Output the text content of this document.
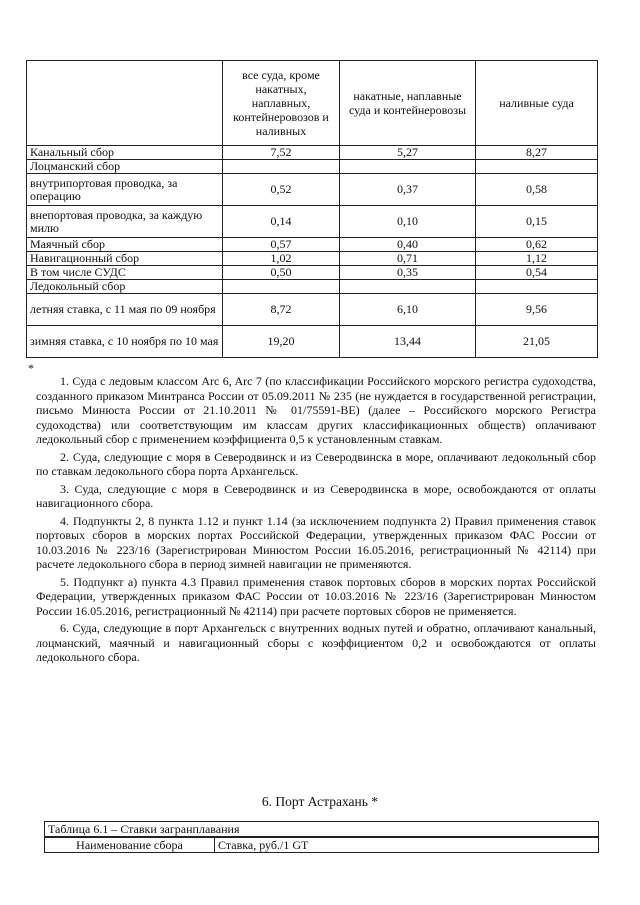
	все суда, кроме накатных, наплавных, контейнеровозов и наливных	накатные, наплавные суда и контейнеровозы	наливные суда
Канальный сбор	7,52	5,27	8,27
Лоцманский сбор			
внутрипортовая проводка, за операцию	0,52	0,37	0,58
внепортовая проводка, за каждую милю	0,14	0,10	0,15
Маячный сбор	0,57	0,40	0,62
Навигационный сбор	1,02	0,71	1,12
В том числе СУДС	0,50	0,35	0,54
Ледокольный сбор			
летняя ставка, с 11 мая по 09 ноября	8,72	6,10	9,56
зимняя ставка, с 10 ноября по 10 мая	19,20	13,44	21,05
*

1. Суда с ледовым классом Arc 6, Arc 7 (по классификации Российского морского регистра судоходства, созданного приказом Минтранса России от 05.09.2011 № 235 (не нуждается в государственной регистрации, письмо Минюста России от 21.10.2011 № 01/75591-ВЕ) (далее – Российского морского Регистра судоходства) или соответствующим им классам других классификационных обществ) оплачивают ледокольный сбор с применением коэффициента 0,5 к установленным ставкам.

2. Суда, следующие с моря в Северодвинск и из Северодвинска в море, оплачивают ледокольный сбор по ставкам ледокольного сбора порта Архангельск.

3. Суда, следующие с моря в Северодвинск и из Северодвинска в море, освобождаются от оплаты навигационного сбора.

4. Подпункты 2, 8 пункта 1.12 и пункт 1.14 (за исключением подпункта 2) Правил применения ставок портовых сборов в морских портах Российской Федерации, утвержденных приказом ФАС России от 10.03.2016 № 223/16 (Зарегистрирован Минюстом России 16.05.2016, регистрационный № 42114) при расчете ледокольного сбора в период зимней навигации не применяются.

5. Подпункт а) пункта 4.3 Правил применения ставок портовых сборов в морских портах Российской Федерации, утвержденных приказом ФАС России от 10.03.2016 № 223/16 (Зарегистрирован Минюстом России 16.05.2016, регистрационный № 42114) при расчете портовых сборов не применяется.

6. Суда, следующие в порт Архангельск с внутренних водных путей и обратно, оплачивают канальный, лоцманский, маячный и навигационный сборы с коэффициентом 0,2 и освобождаются от оплаты ледокольного сбора.

6. Порт Астрахань *
Таблица 6.1 – Ставки загранплавания
Наименование сбора	Ставка, руб./1 GT
